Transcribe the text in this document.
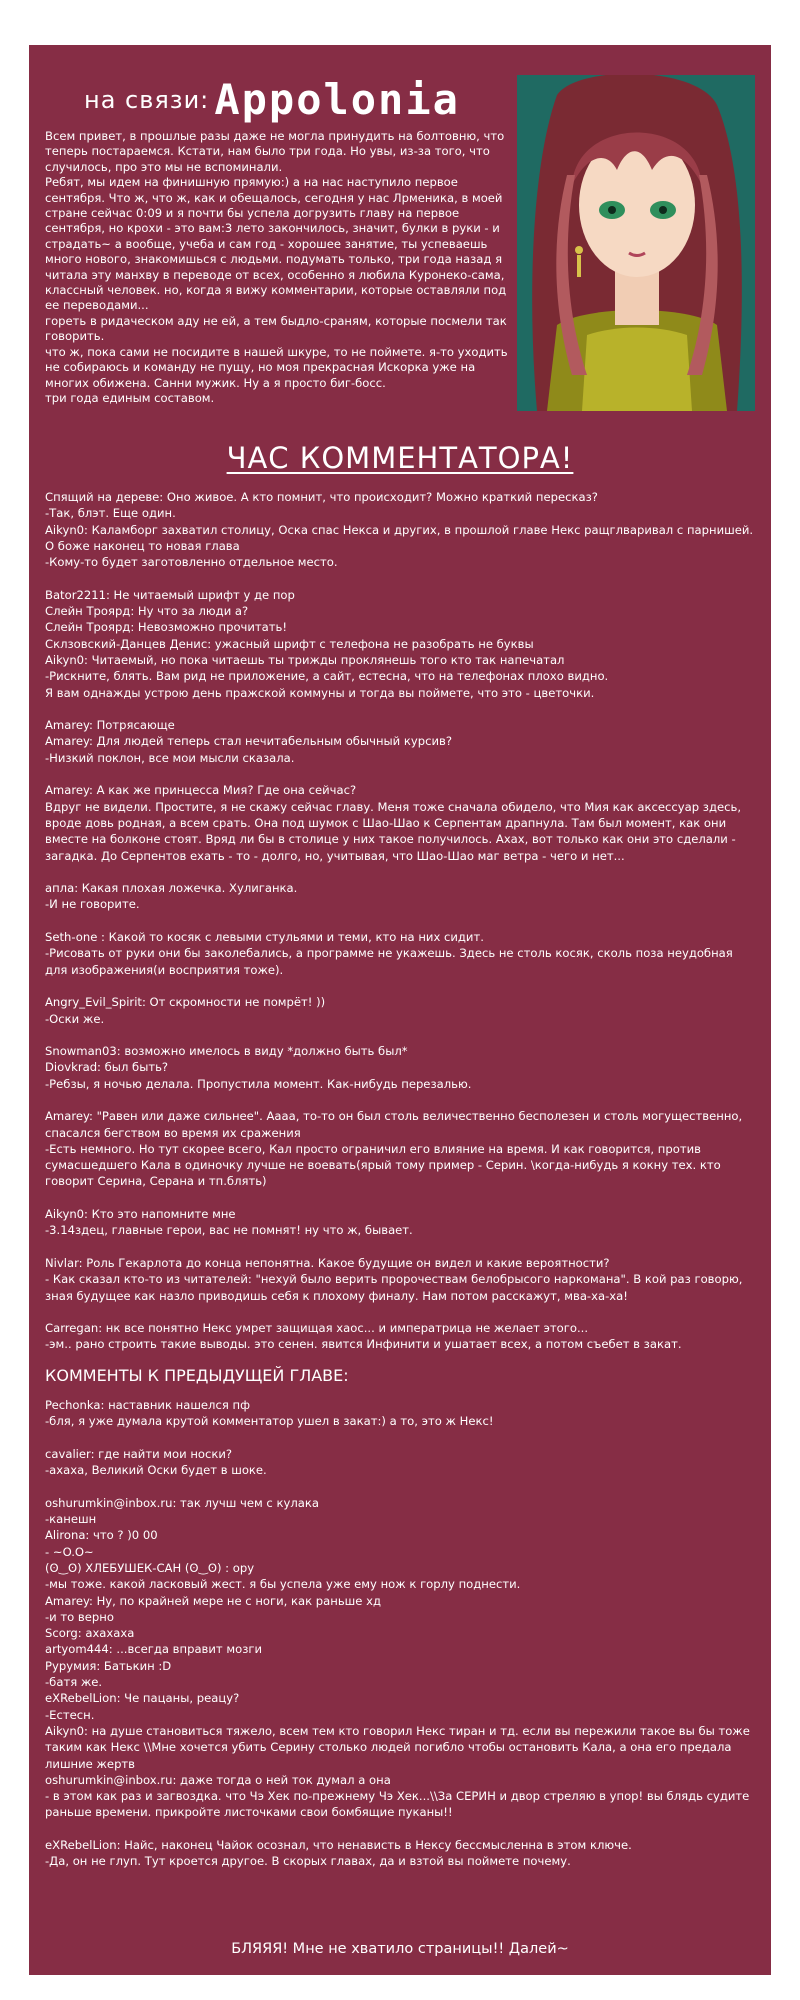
на связи: Appolonia

Всем привет, в прошлые разы даже не могла принудить на болтовню, что теперь постараемся. Кстати, нам было три года. Но увы, из-за того, что случилось, про это мы не вспоминали.

Ребят, мы идем на финишную прямую:) а на нас наступило первое сентября. Что ж, что ж, как и обещалось, сегодня у нас Лрменика, в моей стране сейчас 0:09 и я почти бы успела догрузить главу на первое сентября, но крохи - это вам:3 лето закончилось, значит, булки в руки - и страдать~ а вообще, учеба и сам год - хорошее занятие, ты успеваешь много нового, знакомишься с людьми. подумать только, три года назад я читала эту манхву в переводе от всех, особенно я любила Куронеко-сама, классный человек. но, когда я вижу комментарии, которые оставляли под ее переводами...

гореть в ридаческом аду не ей, а тем быдло-сраням, которые посмели так говорить.

что ж, пока сами не посидите в нашей шкуре, то не поймете. я-то уходить не собираюсь и команду не пущу, но моя прекрасная Искорка уже на многих обижена. Санни мужик. Ну а я просто биг-босс.

три года единым составом.

ЧАС КОММЕНТАТОРА!

Спящий на дереве: Оно живое. А кто помнит, что происходит? Можно краткий пересказ?

-Так, блэт. Еще один.

Aikyn0: Каламборг захватил столицу, Оска спас Некса и других, в прошлой главе Некс ращглваривал с парнишей. О боже наконец то новая глава

-Кому-то будет заготовленно отдельное место.

Bator2211: Не читаемый шрифт у де пор

Слейн Троярд: Ну что за люди а?

Слейн Троярд: Невозможно прочитать!

Склзовский-Данцев Денис: ужасный шрифт с телефона не разобрать не буквы

Aikyn0: Читаемый, но пока читаешь ты трижды проклянешь того кто так напечатал

-Рискните, блять. Вам рид не приложение, а сайт, естесна, что на телефонах плохо видно.

Я вам однажды устрою день пражской коммуны и тогда вы поймете, что это - цветочки.

Amarey: Потрясающе

Amarey: Для людей теперь стал нечитабельным обычный курсив?

-Низкий поклон, все мои мысли сказала.

Amarey: А как же принцесса Мия? Где она сейчас?

Вдруг не видели. Простите, я не скажу сейчас главу. Меня тоже сначала обидело, что Мия как аксессуар здесь, вроде довь родная, а всем срать. Она под шумок с Шао-Шао к Серпентам драпнула. Там был момент, как они вместе на болконе стоят. Вряд ли бы в столице у них такое получилось. Ахах, вот только как они это сделали - загадка. До Серпентов ехать - то - долго, но, учитывая, что Шао-Шао маг ветра - чего и нет...

апла: Какая плохая ложечка. Хулиганка.

-И не говорите.

Seth-one : Какой то косяк с левыми стульями и теми, кто на них сидит.

-Рисовать от руки они бы заколебались, а программе не укажешь. Здесь не столь косяк, сколь поза неудобная для изображения(и восприятия тоже).

Angry_Evil_Spirit: От скромности не помрёт! ))

-Оски же.

Snowman03: возможно имелось в виду *должно быть был*

Diovkrad: был быть?

-Ребзы, я ночью делала. Пропустила момент. Как-нибудь перезалью.

Amarey: "Равен или даже сильнее". Аааа, то-то он был столь величественно бесполезен и столь могущественно, спасался бегством во время их сражения

-Есть немного. Но тут скорее всего, Кал просто ограничил его влияние на время. И как говорится, против сумасшедшего Кала в одиночку лучше не воевать(ярый тому пример - Серин. \когда-нибудь я кокну тех. кто говорит Серина, Серана и тп.блять)

Aikyn0: Кто это напомните мне

-3.14здец, главные герои, вас не помнят! ну что ж, бывает.

Nivlar: Роль Гекарлота до конца непонятна. Какое будущие он видел и какие вероятности?

- Как сказал кто-то из читателей: "нехуй было верить пророчествам белобрысого наркомана". В кой раз говорю, зная будущее как назло приводишь себя к плохому финалу. Нам потом расскажут, мва-ха-ха!

Carregan: нк все понятно Некс умрет защищая хаос... и императрица не желает этого...

-эм.. рано строить такие выводы. это сенен. явится Инфинити и ушатает всех, а потом съебет в закат.

КОММЕНТЫ К ПРЕДЫДУЩЕЙ ГЛАВЕ:

Pechonka: наставник нашелся пф

-бля, я уже думала крутой комментатор ушел в закат:) а то, это ж Некс!

cavalier: где найти мои носки?

-ахаха, Великий Оски будет в шоке.

oshurumkin@inbox.ru: так лучш чем с кулака

-канешн

Alirona: что ? )0 00

- ~O.O~

(ʘ‿ʘ) ХЛЕБУШЕК-САН (ʘ‿ʘ) : ору

-мы тоже. какой ласковый жест. я бы успела уже ему нож к горлу поднести.

Amarey: Ну, по крайней мере не с ноги, как раньше хд

-и то верно

Scorg: ахахаха

artyom444: ...всегда вправит мозги

Рурумия: Батькин :D

-батя же.

eXRebelLion: Че пацаны, реацу?

-Естесн.

Aikyn0: на душе становиться тяжело, всем тем кто говорил Некс тиран и тд. если вы пережили такое вы бы тоже таким как Некс \\Мне хочется убить Серину столько людей погибло чтобы остановить Кала, а она его предала лишние жертв

oshurumkin@inbox.ru: даже тогда о ней ток думал а она

- в этом как раз и загвоздка. что Чэ Хек по-прежнему Чэ Хек...\\За СЕРИН и двор стреляю в упор! вы блядь судите раньше времени. прикройте листочками свои бомбящие пуканы!!

eXRebelLion: Найс, наконец Чайок осознал, что ненависть в Нексу бессмысленна в этом ключе.

-Да, он не глуп. Тут кроется другое. В скорых главах, да и взтой вы поймете почему.

БЛЯЯЯ! Мне не хватило страницы!! Далей~
